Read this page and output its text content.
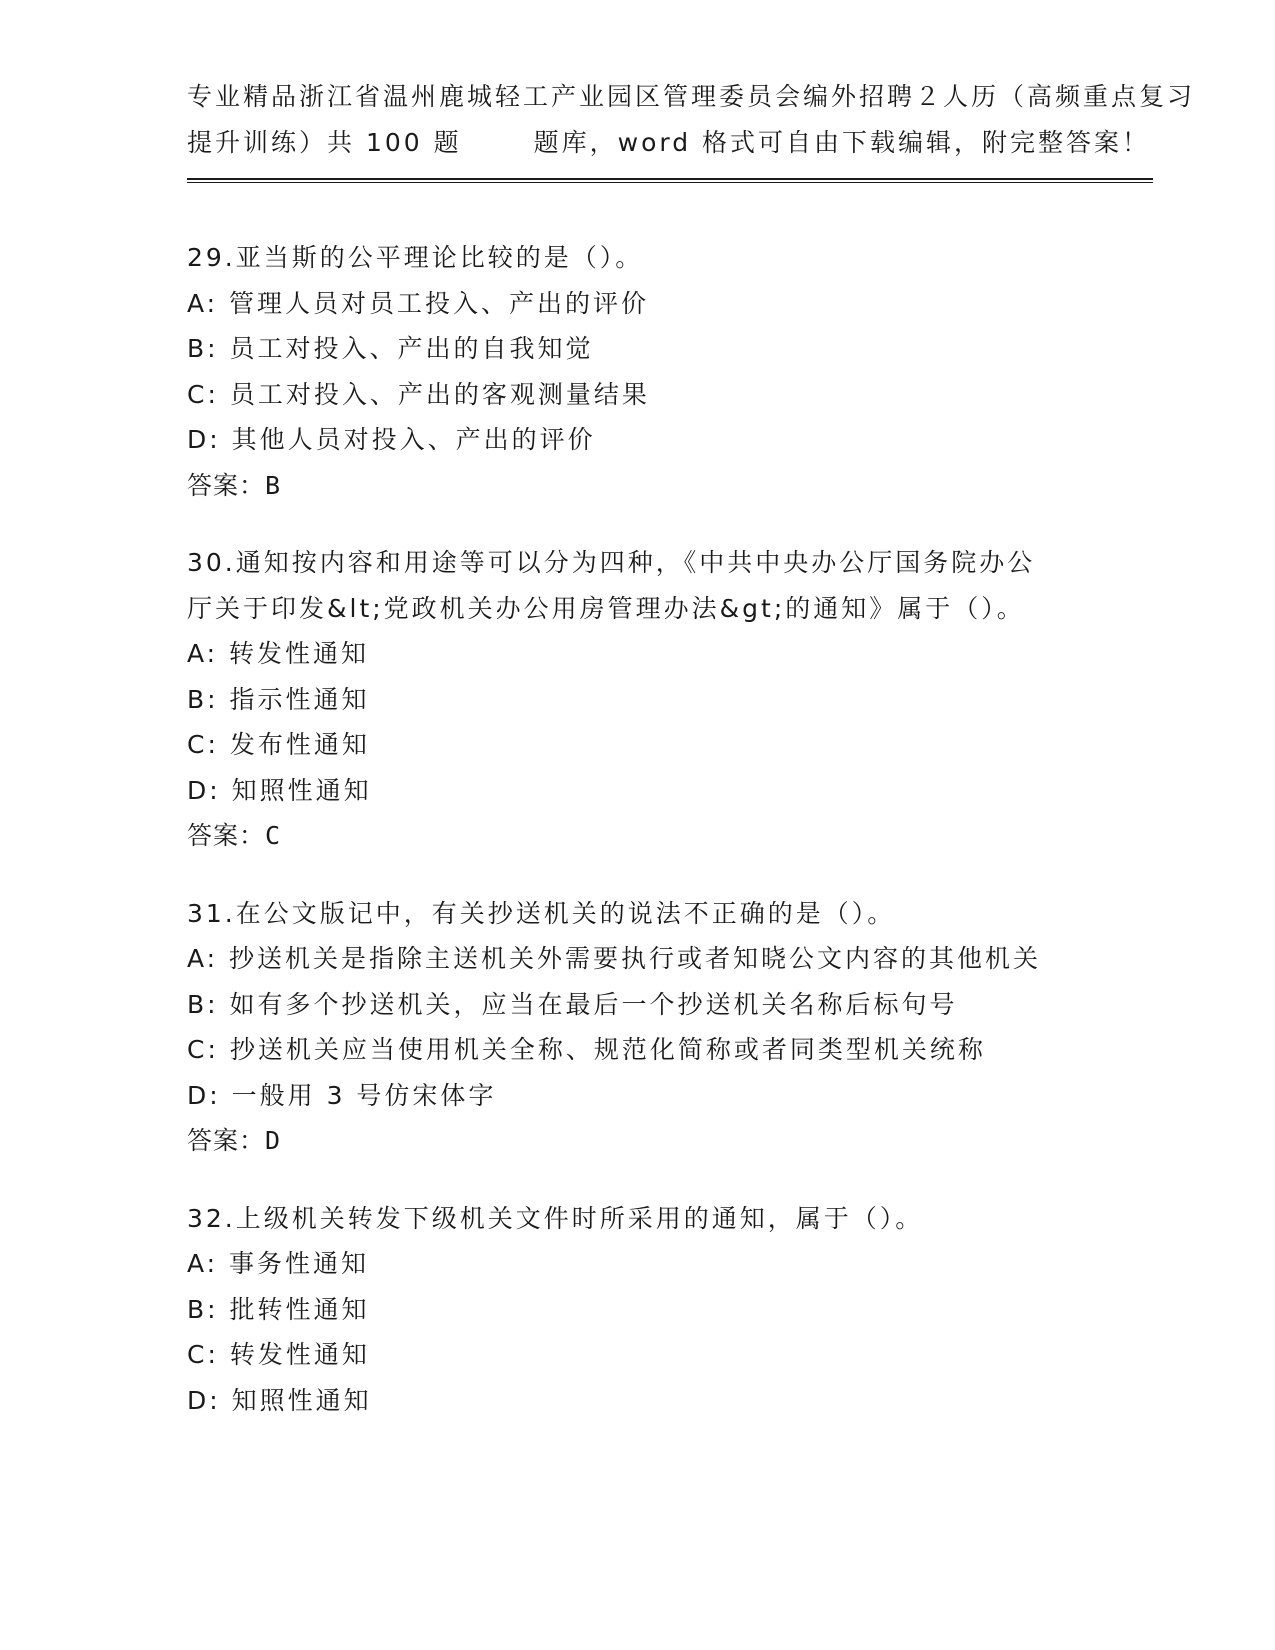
专业精品浙江省温州鹿城轻工产业园区管理委员会编外招聘２人历（高频重点复习
提升训练）共 100 题	题库，word 格式可自由下载编辑，附完整答案！
29.亚当斯的公平理论比较的是（）。
A: 管理人员对员工投入、产出的评价
B: 员工对投入、产出的自我知觉
C: 员工对投入、产出的客观测量结果
D: 其他人员对投入、产出的评价
答案：B
30.通知按内容和用途等可以分为四种，《中共中央办公厅国务院办公
厅关于印发&lt;党政机关办公用房管理办法&gt;的通知》属于（）。
A: 转发性通知
B: 指示性通知
C: 发布性通知
D: 知照性通知
答案：C
31.在公文版记中，有关抄送机关的说法不正确的是（）。
A: 抄送机关是指除主送机关外需要执行或者知晓公文内容的其他机关
B: 如有多个抄送机关，应当在最后一个抄送机关名称后标句号
C: 抄送机关应当使用机关全称、规范化简称或者同类型机关统称
D: 一般用 3 号仿宋体字
答案：D
32.上级机关转发下级机关文件时所采用的通知，属于（）。
A: 事务性通知
B: 批转性通知
C: 转发性通知
D: 知照性通知
